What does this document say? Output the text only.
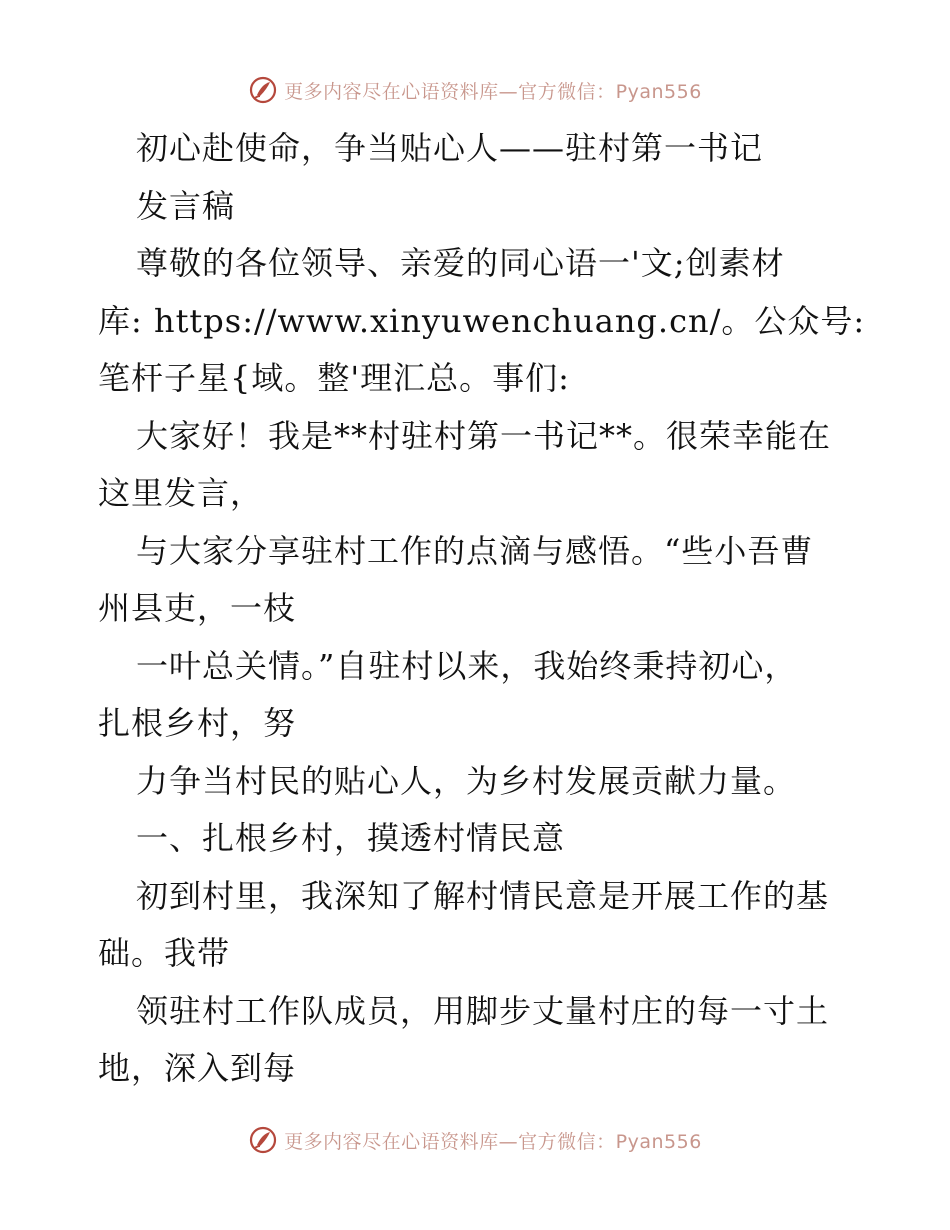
更多内容尽在心语资料库—官方微信：Pyan556
初心赴使命，争当贴心人——驻村第一书记
发言稿
尊敬的各位领导、亲爱的同心语一'文;创素材
库: https://www.xinyuwenchuang.cn/。公众号:
笔杆子星{域。整'理汇总。事们:
大家好！我是**村驻村第一书记**。很荣幸能在
这里发言，
与大家分享驻村工作的点滴与感悟。“些小吾曹
州县吏，一枝
一叶总关情。”自驻村以来，我始终秉持初心，
扎根乡村，努
力争当村民的贴心人，为乡村发展贡献力量。
一、扎根乡村，摸透村情民意
初到村里，我深知了解村情民意是开展工作的基
础。我带
领驻村工作队成员，用脚步丈量村庄的每一寸土
地，深入到每
更多内容尽在心语资料库—官方微信：Pyan556
